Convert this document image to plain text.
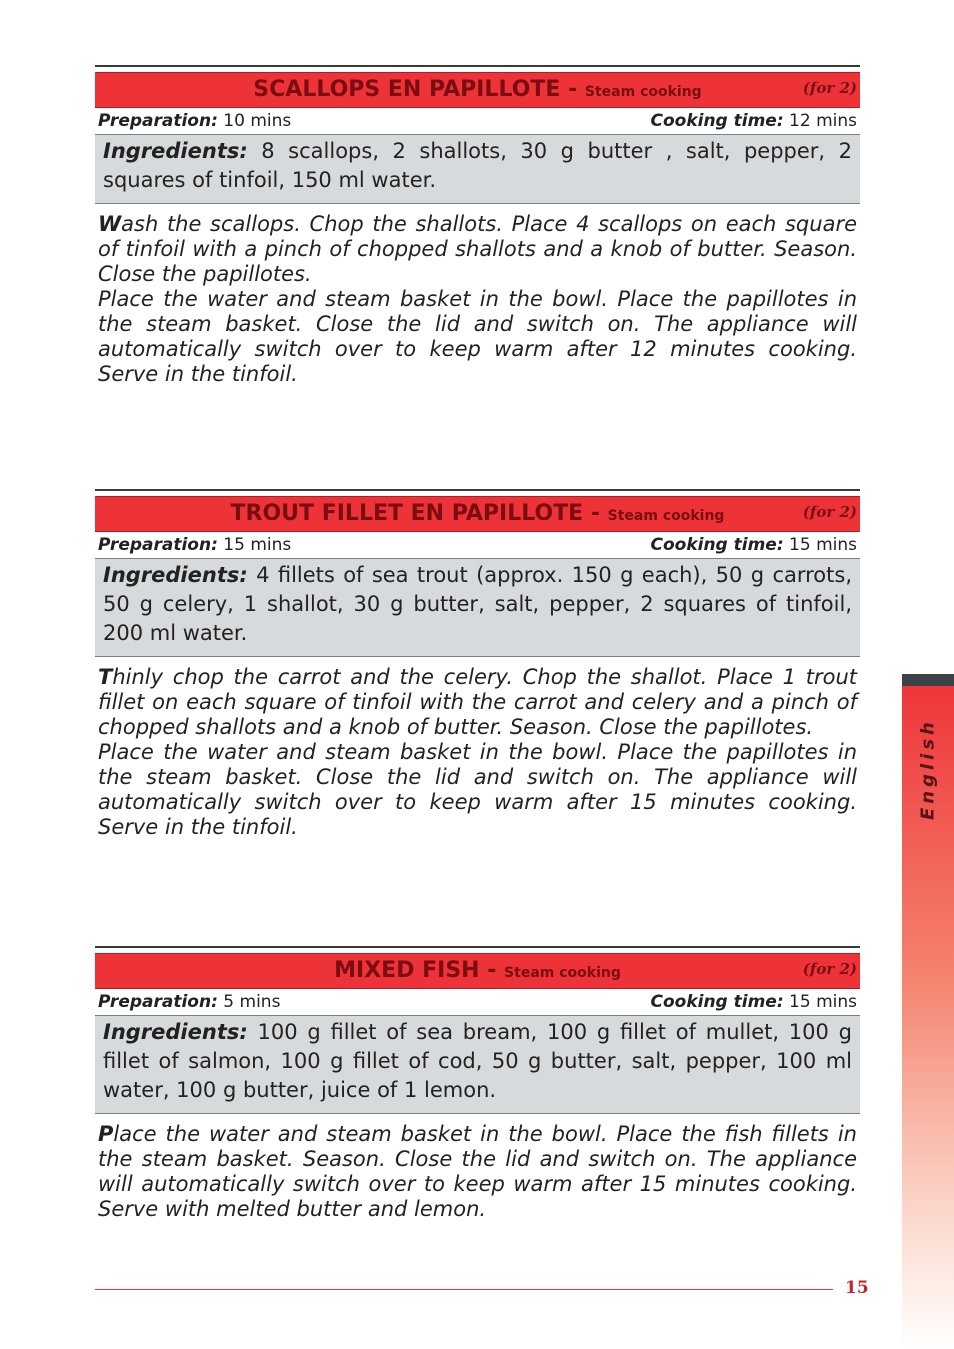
SCALLOPS EN PAPILLOTE - Steam cooking	(for 2)
Preparation: 10 mins	Cooking time: 12 mins
Ingredients: 8 scallops, 2 shallots, 30 g butter , salt, pepper, 2 squares of tinfoil, 150 ml water.

Wash the scallops. Chop the shallots. Place 4 scallops on each square of tinfoil with a pinch of chopped shallots and a knob of butter. Season. Close the papillotes.

Place the water and steam basket in the bowl. Place the papillotes in the steam basket. Close the lid and switch on. The appliance will automatically switch over to keep warm after 12 minutes cooking. Serve in the tinfoil.

TROUT FILLET EN PAPILLOTE - Steam cooking	(for 2)
Preparation: 15 mins	Cooking time: 15 mins
Ingredients: 4 fillets of sea trout (approx. 150 g each), 50 g carrots, 50 g celery, 1 shallot, 30 g butter, salt, pepper, 2 squares of tinfoil, 200 ml water.

Thinly chop the carrot and the celery. Chop the shallot. Place 1 trout fillet on each square of tinfoil with the carrot and celery and a pinch of chopped shallots and a knob of butter. Season. Close the papillotes.

Place the water and steam basket in the bowl. Place the papillotes in the steam basket. Close the lid and switch on. The appliance will automatically switch over to keep warm after 15 minutes cooking. Serve in the tinfoil.

MIXED FISH - Steam cooking	(for 2)
Preparation: 5 mins	Cooking time: 15 mins
Ingredients: 100 g fillet of sea bream, 100 g fillet of mullet, 100 g fillet of salmon, 100 g fillet of cod, 50 g butter, salt, pepper, 100 ml water, 100 g butter, juice of 1 lemon.

Place the water and steam basket in the bowl. Place the fish fillets in the steam basket. Season. Close the lid and switch on. The appliance will automatically switch over to keep warm after 15 minutes cooking. Serve with melted butter and lemon.

English
15
